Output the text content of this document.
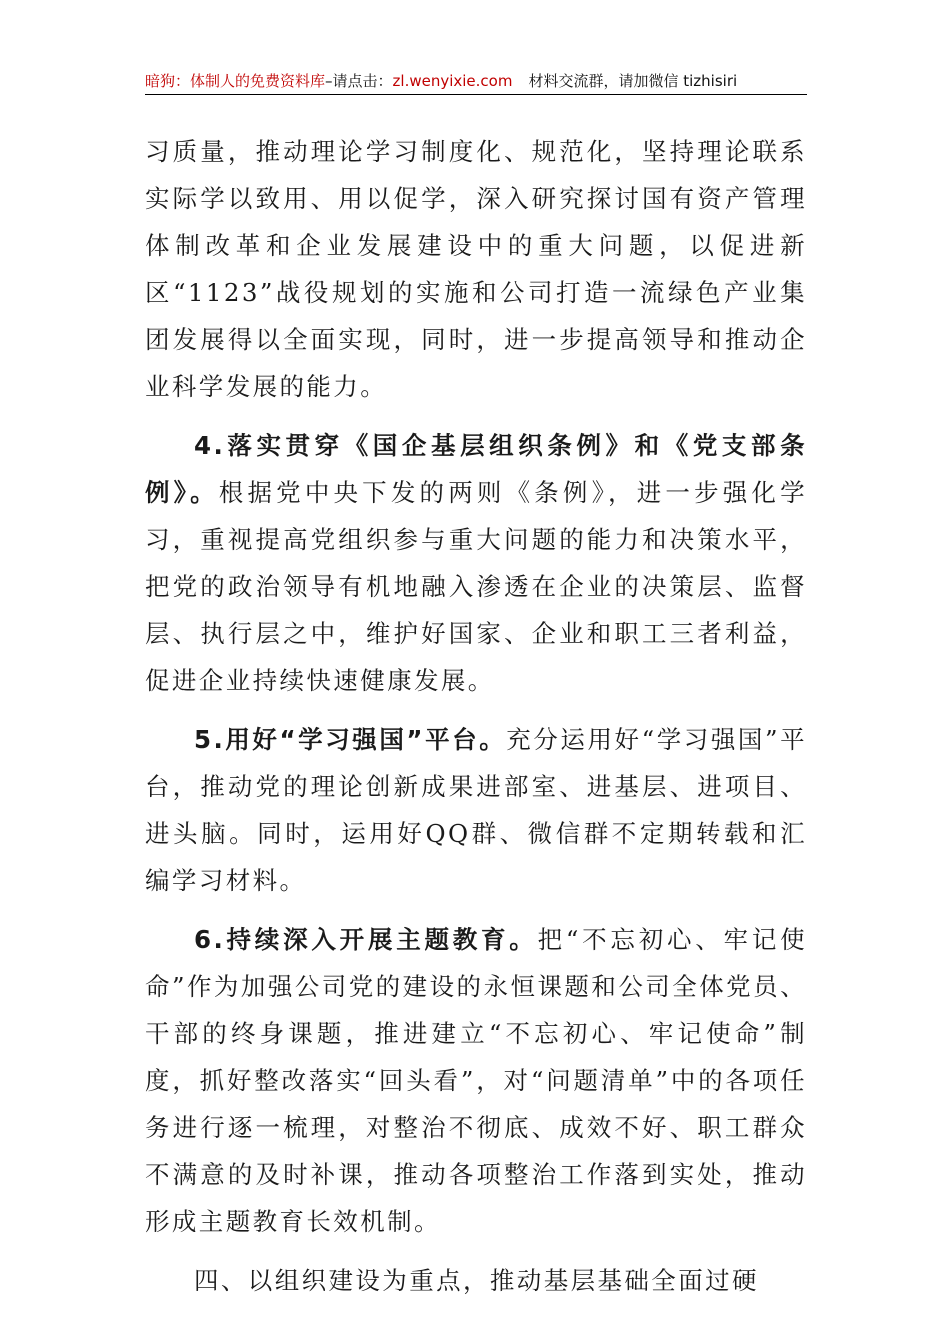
暗狗：体制人的免费资料库–请点击：zl.wenyixie.com 材料交流群，请加微信 tizhisiri

习质量，推动理论学习制度化、规范化，坚持理论联系实际学以致用、用以促学，深入研究探讨国有资产管理体制改革和企业发展建设中的重大问题，以促进新区“1123”战役规划的实施和公司打造一流绿色产业集团发展得以全面实现，同时，进一步提高领导和推动企业科学发展的能力。

4.落实贯穿《国企基层组织条例》和《党支部条例》。根据党中央下发的两则《条例》，进一步强化学习，重视提高党组织参与重大问题的能力和决策水平，把党的政治领导有机地融入渗透在企业的决策层、监督层、执行层之中，维护好国家、企业和职工三者利益，促进企业持续快速健康发展。

5.用好“学习强国”平台。充分运用好“学习强国”平台，推动党的理论创新成果进部室、进基层、进项目、进头脑。同时，运用好QQ群、微信群不定期转载和汇编学习材料。

6.持续深入开展主题教育。把“不忘初心、牢记使命”作为加强公司党的建设的永恒课题和公司全体党员、干部的终身课题，推进建立“不忘初心、牢记使命”制度，抓好整改落实“回头看”，对“问题清单”中的各项任务进行逐一梳理，对整治不彻底、成效不好、职工群众不满意的及时补课，推动各项整治工作落到实处，推动形成主题教育长效机制。

四、以组织建设为重点，推动基层基础全面过硬
